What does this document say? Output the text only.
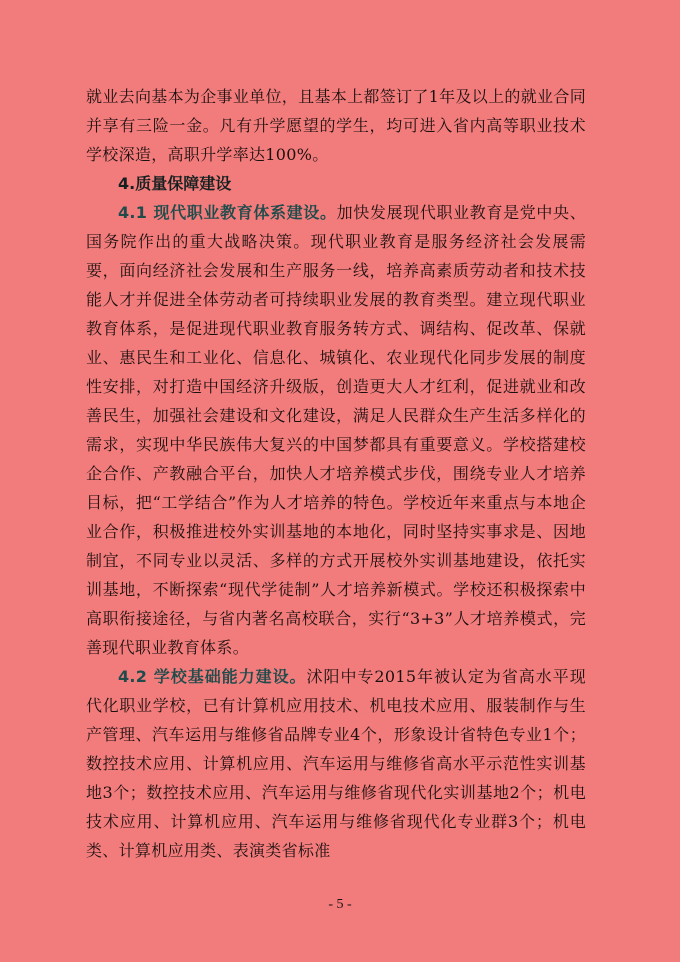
就业去向基本为企事业单位，且基本上都签订了1年及以上的就业合同并享有三险一金。凡有升学愿望的学生，均可进入省内高等职业技术学校深造，高职升学率达100%。

4.质量保障建设

4.1 现代职业教育体系建设。加快发展现代职业教育是党中央、国务院作出的重大战略决策。现代职业教育是服务经济社会发展需要，面向经济社会发展和生产服务一线，培养高素质劳动者和技术技能人才并促进全体劳动者可持续职业发展的教育类型。建立现代职业教育体系，是促进现代职业教育服务转方式、调结构、促改革、保就业、惠民生和工业化、信息化、城镇化、农业现代化同步发展的制度性安排，对打造中国经济升级版，创造更大人才红利，促进就业和改善民生，加强社会建设和文化建设，满足人民群众生产生活多样化的需求，实现中华民族伟大复兴的中国梦都具有重要意义。学校搭建校企合作、产教融合平台，加快人才培养模式步伐，围绕专业人才培养目标，把“工学结合”作为人才培养的特色。学校近年来重点与本地企业合作，积极推进校外实训基地的本地化，同时坚持实事求是、因地制宜，不同专业以灵活、多样的方式开展校外实训基地建设，依托实训基地，不断探索“现代学徒制”人才培养新模式。学校还积极探索中高职衔接途径，与省内著名高校联合，实行“3+3”人才培养模式，完善现代职业教育体系。

4.2 学校基础能力建设。沭阳中专2015年被认定为省高水平现代化职业学校，已有计算机应用技术、机电技术应用、服装制作与生产管理、汽车运用与维修省品牌专业4个，形象设计省特色专业1个；数控技术应用、计算机应用、汽车运用与维修省高水平示范性实训基地3个；数控技术应用、汽车运用与维修省现代化实训基地2个；机电技术应用、计算机应用、汽车运用与维修省现代化专业群3个；机电类、计算机应用类、表演类省标准

- 5 -
